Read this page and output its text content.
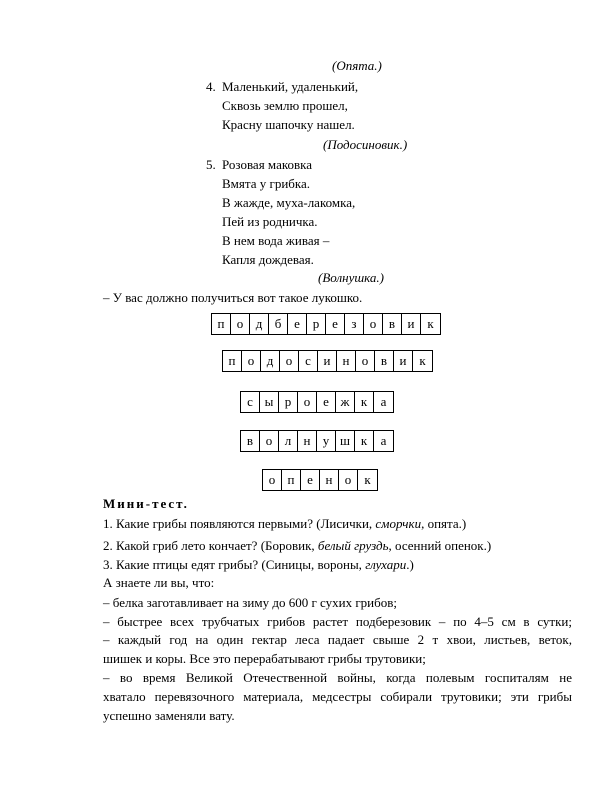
(Опята.)
4. Маленький, удаленький,
Сквозь землю прошел,
Красну шапочку нашел.
(Подосиновик.)
5. Розовая маковка
Вмята у грибка.
В жажде, муха-лакомка,
Пей из родничка.
В нем вода живая –
Капля дождевая.
(Волнушка.)
– У вас должно получиться вот такое лукошко.
п о д б е р е	з	о в и к
п о д о с и н о в и к
с ы р о е ж к	а
в о л н у ш к	а
о п е н о	к
Мини-тест.
1. Какие грибы появляются первыми? (Лисички, сморчки, опята.)
2. Какой гриб лето кончает? (Боровик, белый груздь, осенний опенок.)
3. Какие птицы едят грибы? (Синицы, вороны, глухари.)
А знаете ли вы, что:
– белка заготавливает на зиму до 600 г сухих грибов;
– быстрее всех трубчатых грибов растет подберезовик – по 4–5 см в сутки;
– каждый год на один гектар леса падает свыше 2 т хвои, листьев, веток,
шишек и коры. Все это перерабатывают грибы трутовики;
– во время Великой Отечественной войны, когда полевым госпиталям не
хватало перевязочного материала, медсестры собирали трутовики; эти грибы
успешно заменяли вату.
